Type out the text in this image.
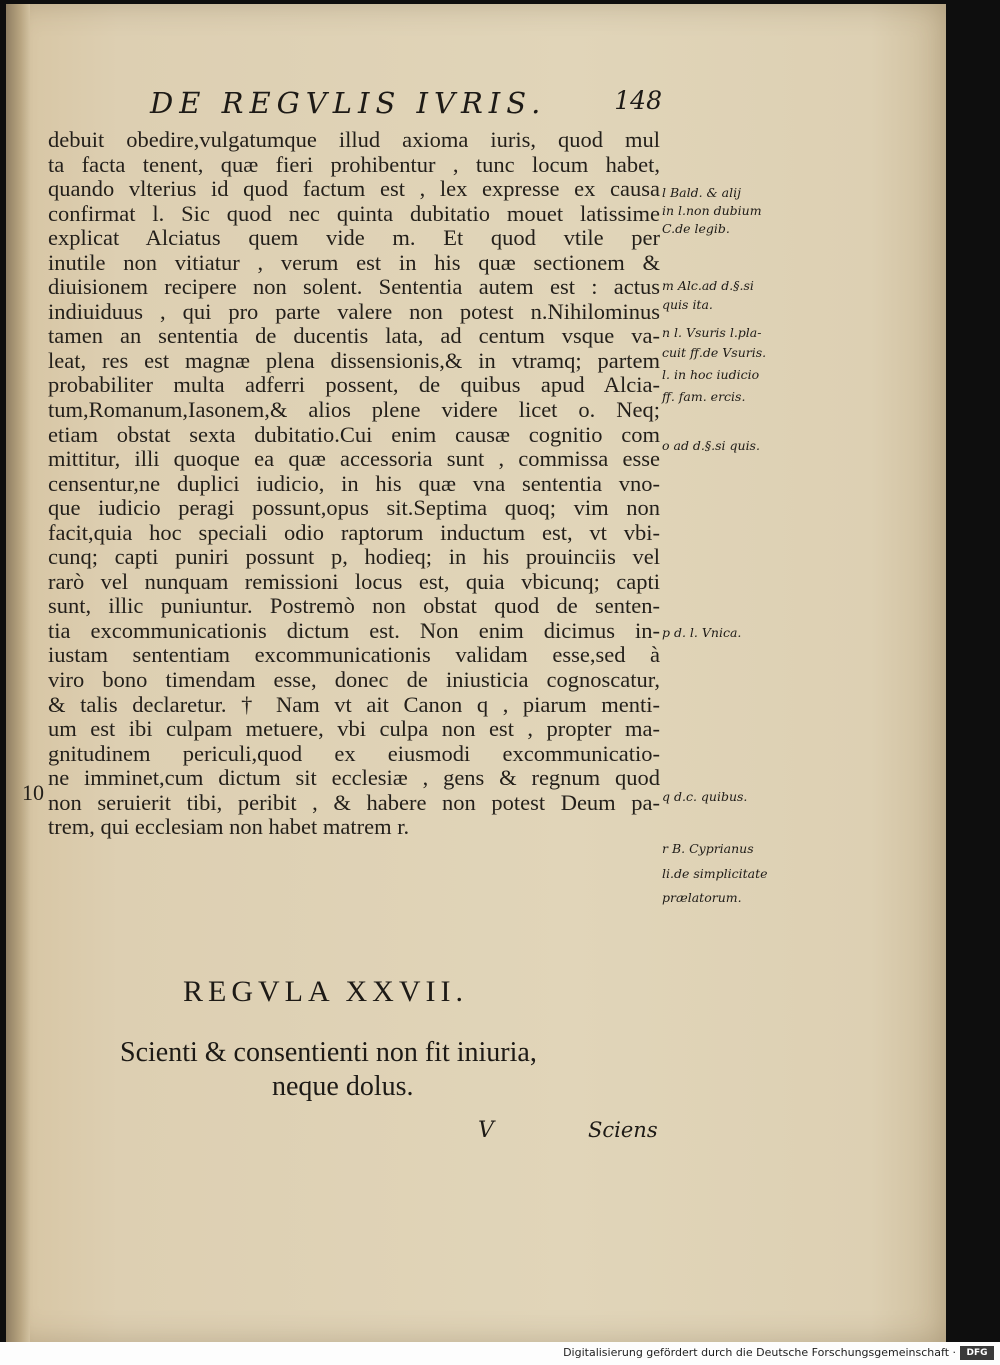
DE REGVLIS IVRIS.	148
debuit obedire,vulgatumque illud axioma iuris, quod mul
ta facta tenent, quæ fieri prohibentur , tunc locum habet,
quando vlterius id quod factum est , lex expresse ex causa
confirmat l. Sic quod nec quinta dubitatio mouet latissime
explicat Alciatus quem vide m. Et quod vtile per
inutile non vitiatur , verum est in his quæ sectionem &
diuisionem recipere non solent. Sententia autem est : actus
indiuiduus , qui pro parte valere non potest n.Nihilominus
tamen an sententia de ducentis lata, ad centum vsque va-
leat, res est magnæ plena dissensionis,& in vtramq; partem
probabiliter multa adferri possent, de quibus apud Alcia-
tum,Romanum,Iasonem,& alios plene videre licet o. Neq;
etiam obstat sexta dubitatio.Cui enim causæ cognitio com
mittitur, illi quoque ea quæ accessoria sunt , commissa esse
censentur,ne duplici iudicio, in his quæ vna sententia vno-
que iudicio peragi possunt,opus sit.Septima quoq; vim non
facit,quia hoc speciali odio raptorum inductum est, vt vbi-
cunq; capti puniri possunt p, hodieq; in his prouinciis vel
rarò vel nunquam remissioni locus est, quia vbicunq; capti
sunt, illic puniuntur. Postremò non obstat quod de senten-
tia excommunicationis dictum est. Non enim dicimus in-
iustam sententiam excommunicationis validam esse,sed à
viro bono timendam esse, donec de iniusticia cognoscatur,
& talis declaretur. † Nam vt ait Canon q , piarum menti-
um est ibi culpam metuere, vbi culpa non est , propter ma-
gnitudinem periculi,quod ex eiusmodi excommunicatio-
ne imminet,cum dictum sit ecclesiæ , gens & regnum quod
non seruierit tibi, peribit , & habere non potest Deum pa-
trem, qui ecclesiam non habet matrem r.
10
l Bald. & alij
in l.non dubium
C.de legib.
m Alc.ad d.§.si
quis ita.
n l. Vsuris l.pla-
cuit ff.de Vsuris.
l. in hoc iudicio
ff. fam. ercis.
o ad d.§.si quis.
p d. l. Vnica.
q d.c. quibus.
r B. Cyprianus
li.de simplicitate
prælatorum.
REGVLA XXVII.
Scienti & consentienti non fit iniuria,
neque dolus.
V	Sciens
Digitalisierung gefördert durch die Deutsche Forschungsgemeinschaft ·	DFG
